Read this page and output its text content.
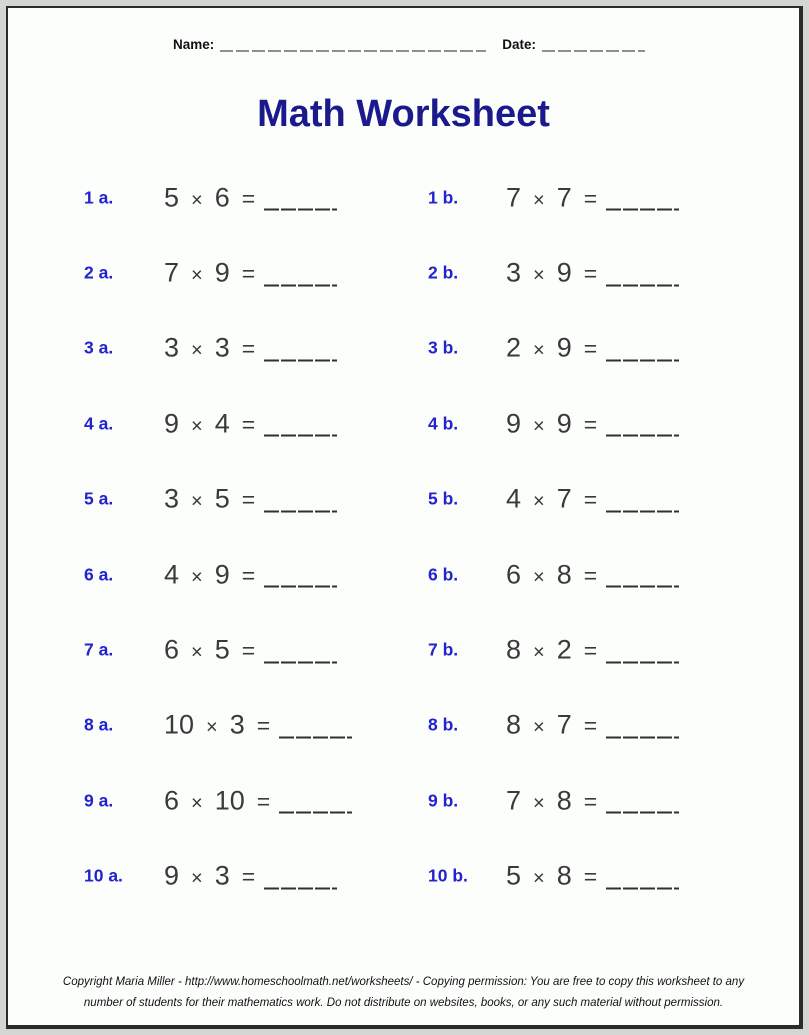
Name:	Date:
Math Worksheet
1 a. 5 × 6 =	1 b. 7 × 7 =
2 a. 7 × 9 =	2 b. 3 × 9 =
3 a. 3 × 3 =	3 b. 2 × 9 =
4 a. 9 × 4 =	4 b. 9 × 9 =
5 a. 3 × 5 =	5 b. 4 × 7 =
6 a. 4 × 9 =	6 b. 6 × 8 =
7 a. 6 × 5 =	7 b. 8 × 2 =
8 a. 10 × 3 =	8 b. 8 × 7 =
9 a. 6 × 10 =	9 b. 7 × 8 =
10 a. 9 × 3 =	10 b. 5 × 8 =
Copyright Maria Miller - http://www.homeschoolmath.net/worksheets/ - Copying permission: You are free to copy this worksheet to any
number of students for their mathematics work. Do not distribute on websites, books, or any such material without permission.
